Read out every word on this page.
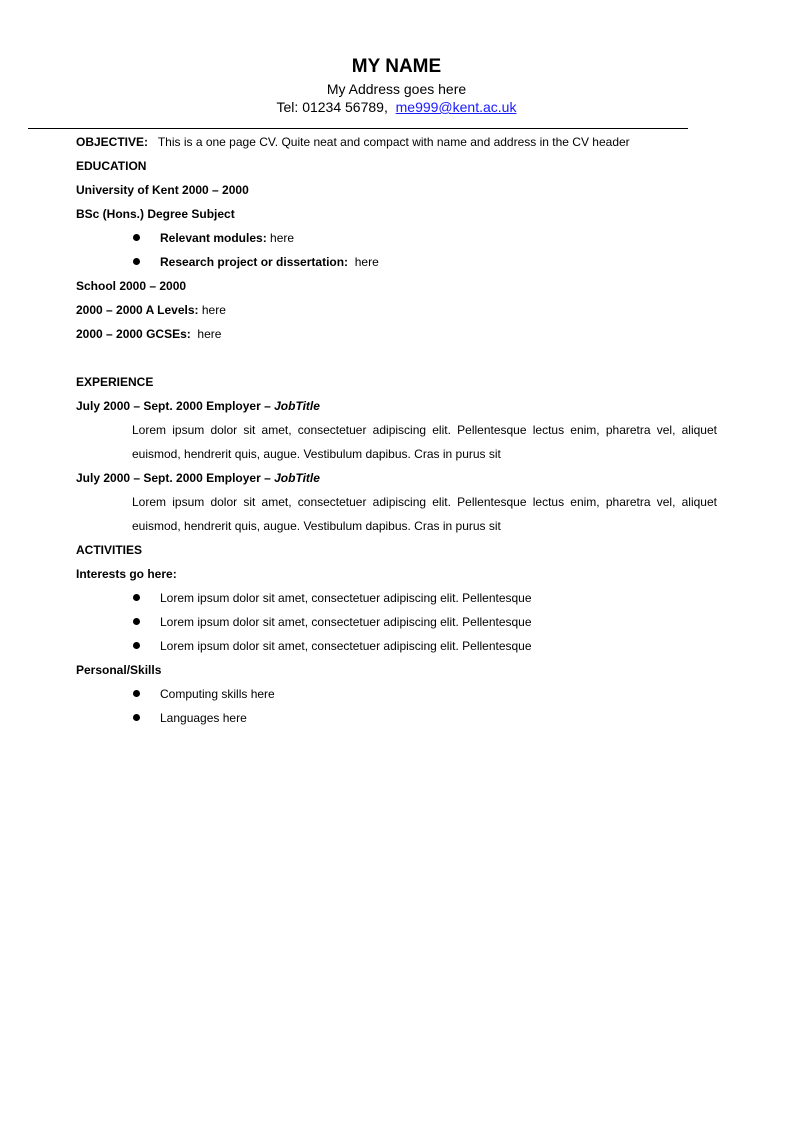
MY NAME
My Address goes here
Tel: 01234 56789, me999@kent.ac.uk
OBJECTIVE: This is a one page CV. Quite neat and compact with name and address in the CV header
EDUCATION
University of Kent 2000 – 2000
BSc (Hons.) Degree Subject
Relevant modules: here
Research project or dissertation: here
School 2000 – 2000
2000 – 2000 A Levels: here
2000 – 2000 GCSEs: here
EXPERIENCE
July 2000 – Sept. 2000 Employer – JobTitle
Lorem ipsum dolor sit amet, consectetuer adipiscing elit. Pellentesque lectus enim, pharetra vel, aliquet euismod, hendrerit quis, augue. Vestibulum dapibus. Cras in purus sit
July 2000 – Sept. 2000 Employer – JobTitle
Lorem ipsum dolor sit amet, consectetuer adipiscing elit. Pellentesque lectus enim, pharetra vel, aliquet euismod, hendrerit quis, augue. Vestibulum dapibus. Cras in purus sit
ACTIVITIES
Interests go here:
Lorem ipsum dolor sit amet, consectetuer adipiscing elit. Pellentesque
Lorem ipsum dolor sit amet, consectetuer adipiscing elit. Pellentesque
Lorem ipsum dolor sit amet, consectetuer adipiscing elit. Pellentesque
Personal/Skills
Computing skills here
Languages here
